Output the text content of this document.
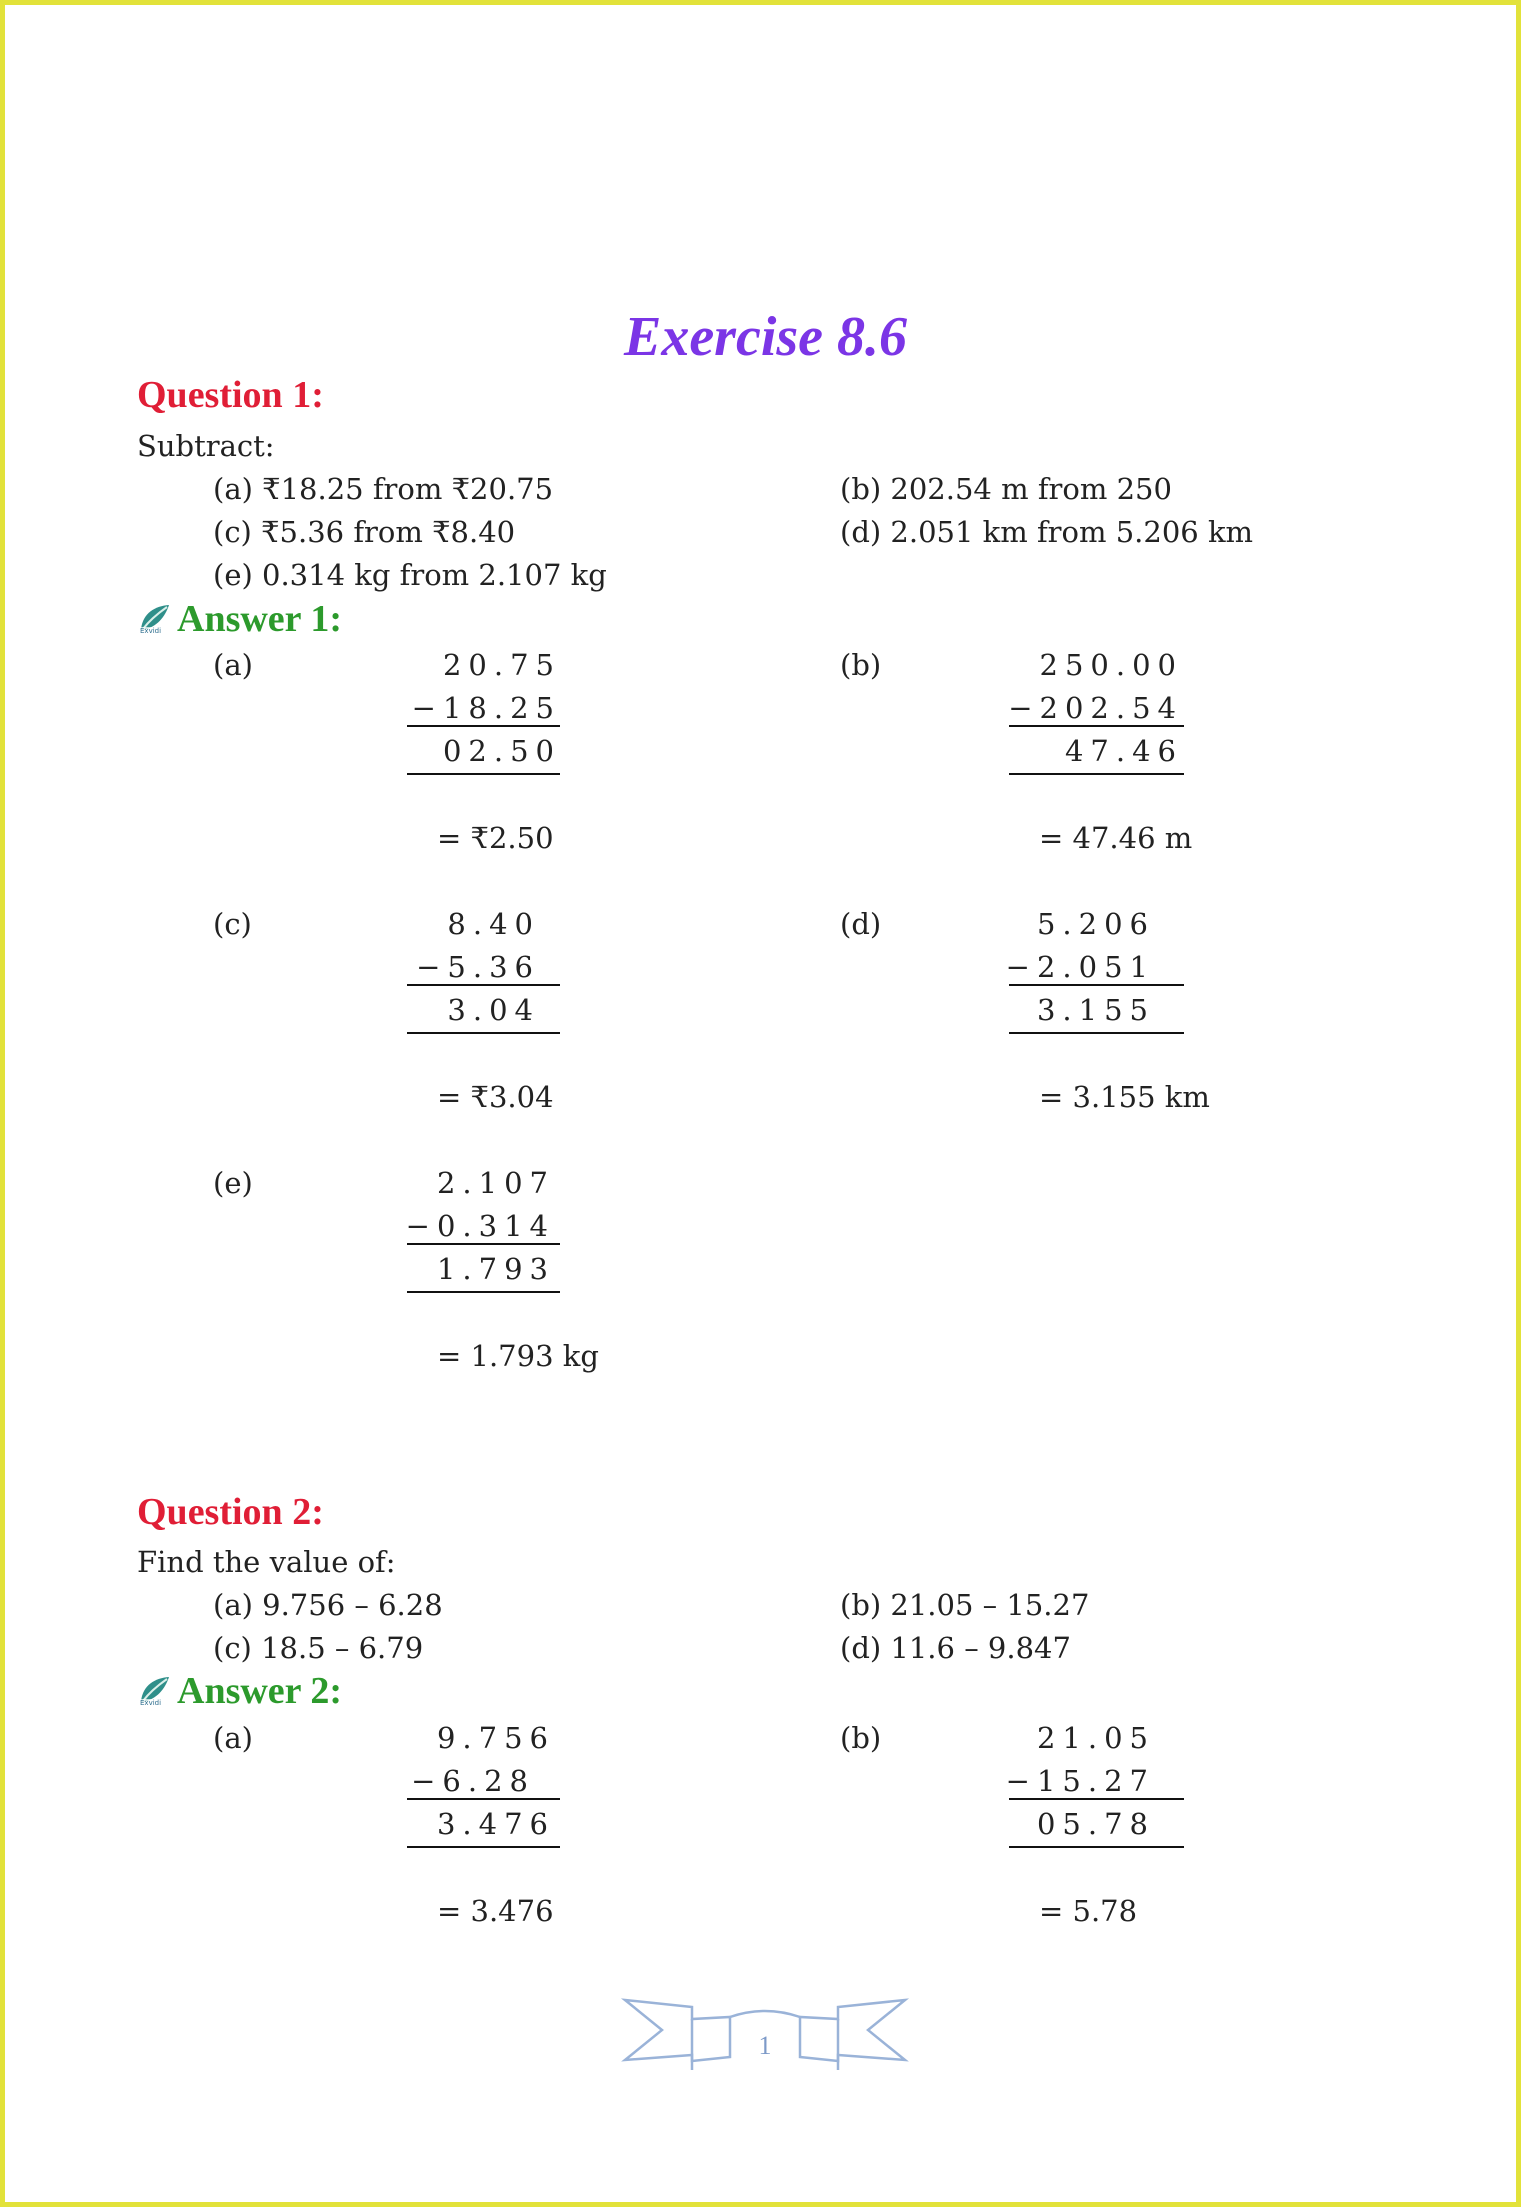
Exercise 8.6
Question 1:
Subtract:
(a) ₹18.25 from ₹20.75	(b) 202.54 m from 250
(c) ₹5.36 from ₹8.40	(d) 2.051 km from 5.206 km
(e) 0.314 kg from 2.107 kg
Exvidi Answer 1:
(a)	20.75
−18.25
02.50
= ₹2.50
(b)	250.00
−202.54
47.46
= 47.46 m
(c)	8.40
−5.36
3.04
= ₹3.04
(d)	5.206
−2.051
3.155
= 3.155 km
(e)	2.107
−0.314
1.793
= 1.793 kg
Question 2:
Find the value of:
(a) 9.756 – 6.28	(b) 21.05 – 15.27
(c) 18.5 – 6.79	(d) 11.6 – 9.847
Exvidi Answer 2:
(a)	9.756
−6.28
3.476
= 3.476
(b)	21.05
−15.27
05.78
= 5.78
1
